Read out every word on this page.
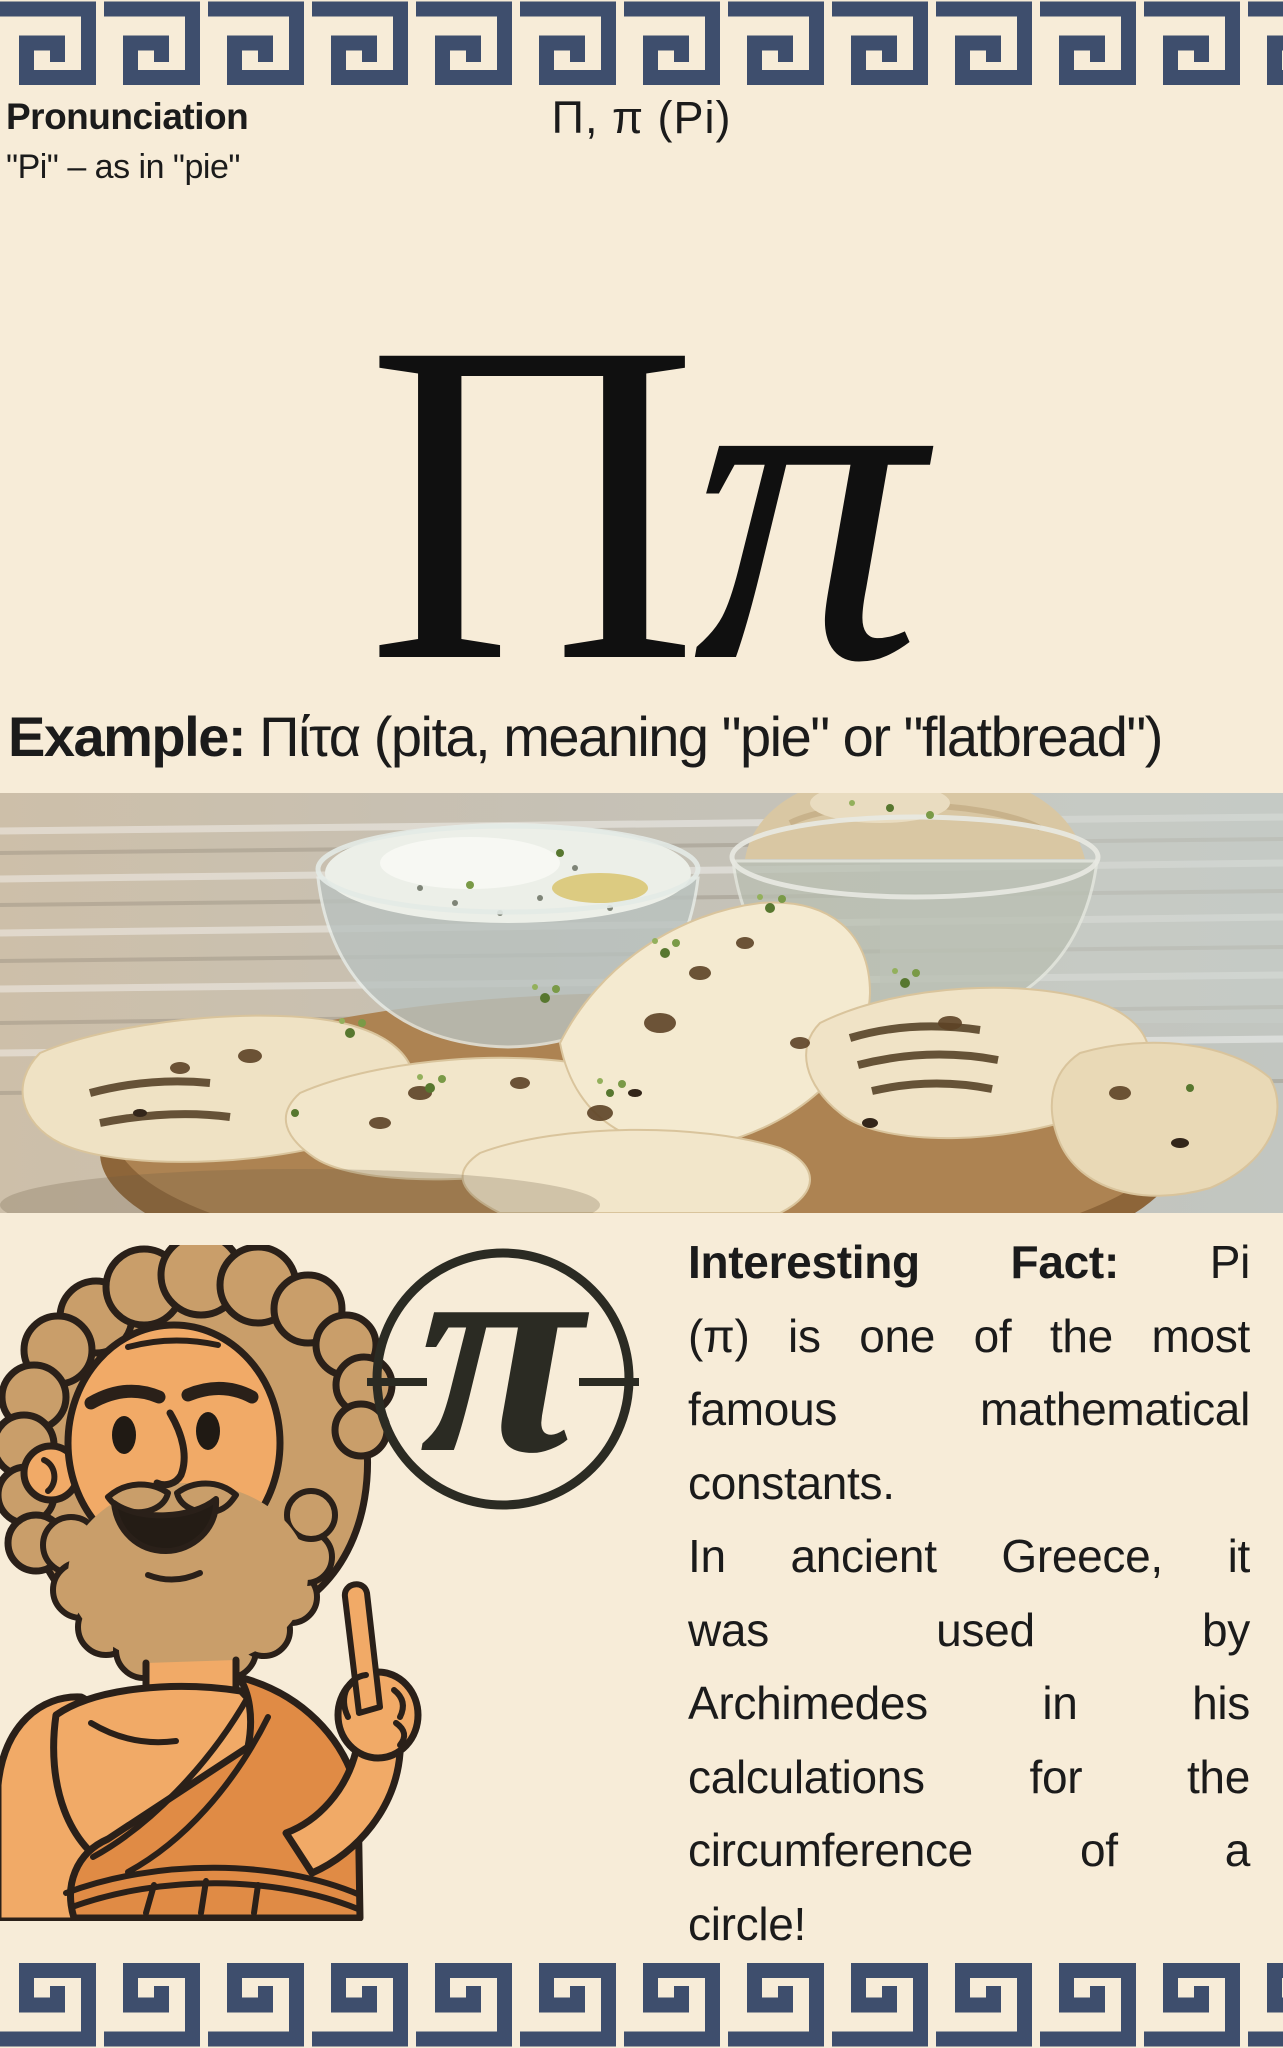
Pronunciation
"Pi" – as in "pie"
Π, π (Pi)
Ππ
Example: Πίτα (pita, meaning "pie" or "flatbread")
π Interesting Fact: Pi
(π) is one of the most
famous mathematical
constants.
In ancient Greece, it
was used by
Archimedes in his
calculations for the
circumference of a
circle!
